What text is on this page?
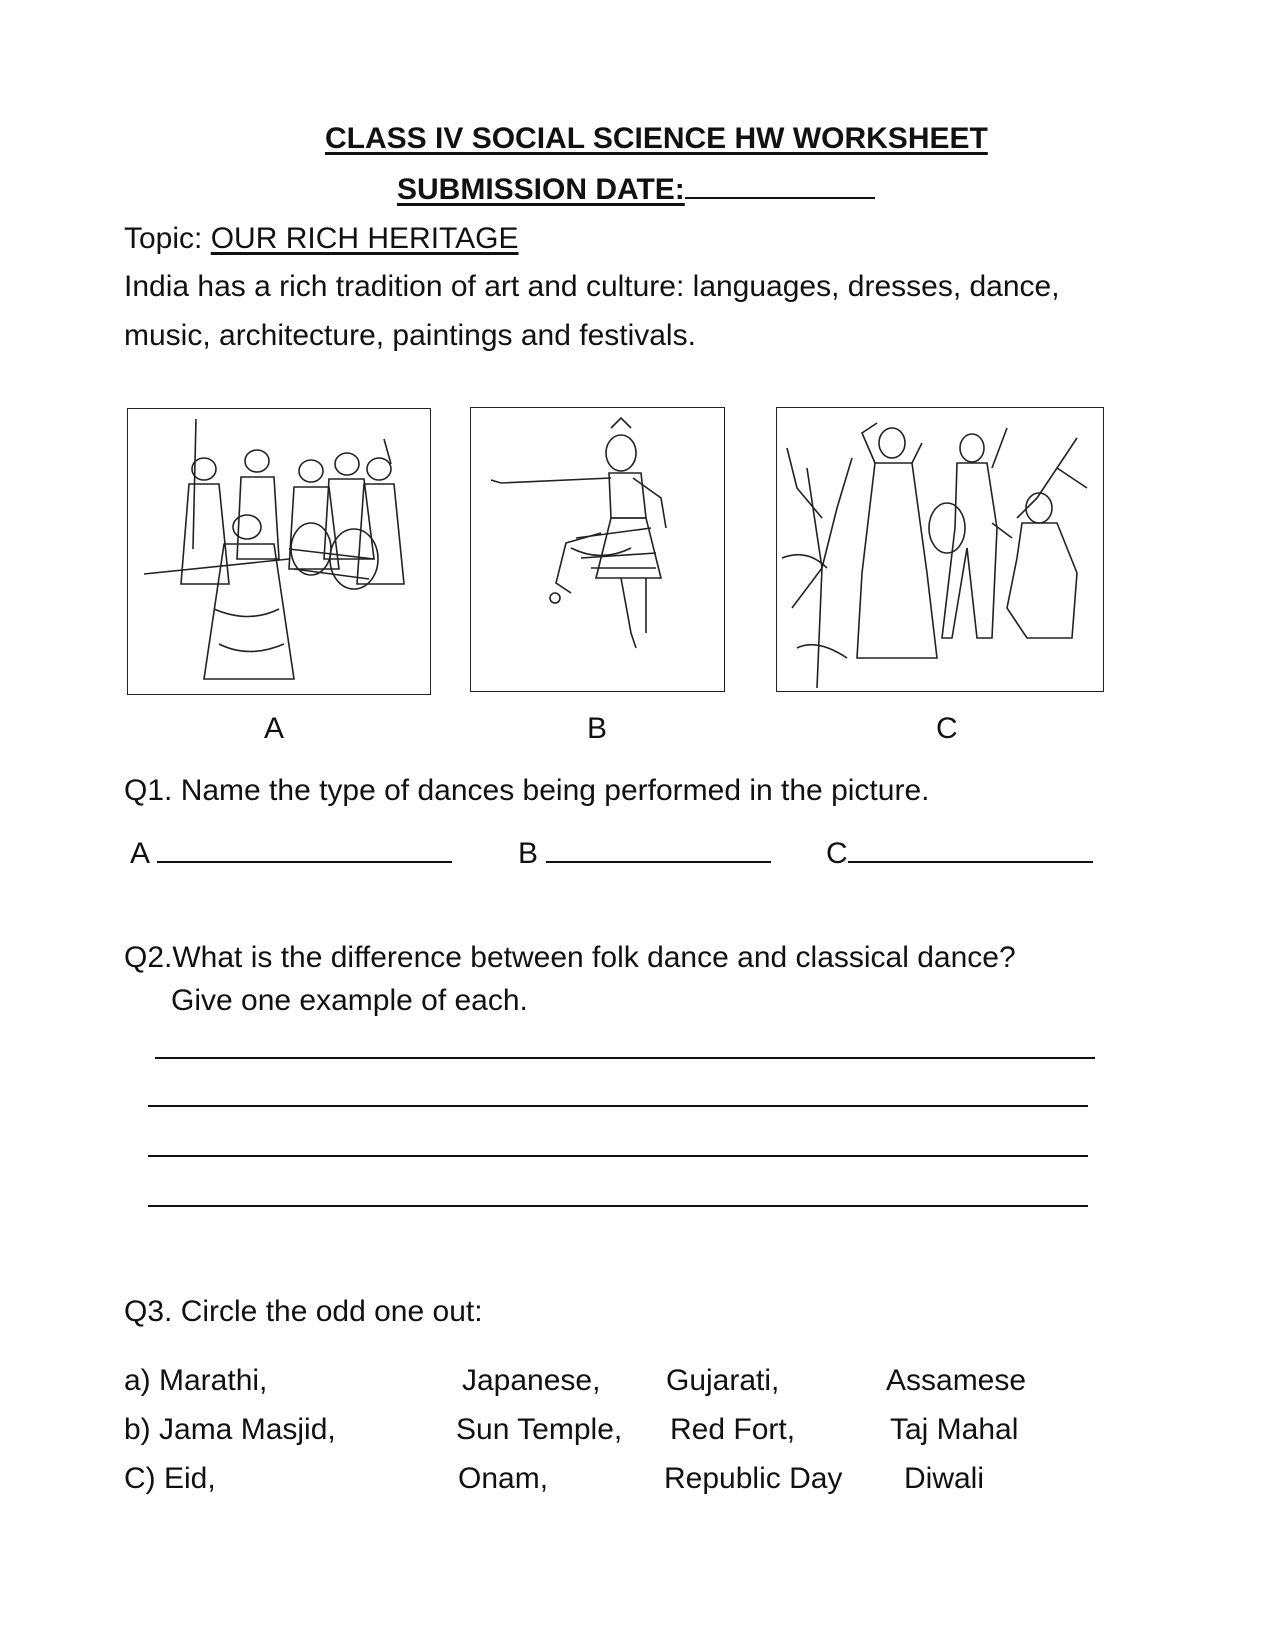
CLASS IV SOCIAL SCIENCE HW WORKSHEET
SUBMISSION DATE:
Topic: OUR RICH HERITAGE
India has a rich tradition of art and culture: languages, dresses, dance,
music, architecture, paintings and festivals.
A	B	C
Q1. Name the type of dances being performed in the picture.
A	B	C
Q2.What is the difference between folk dance and classical dance?
Give one example of each.
Q3. Circle the odd one out:
a) Marathi,	Japanese, Gujarati,	Assamese
b) Jama Masjid,	Sun Temple, Red Fort,	Taj Mahal
C) Eid,	Onam,	Republic Day Diwali
